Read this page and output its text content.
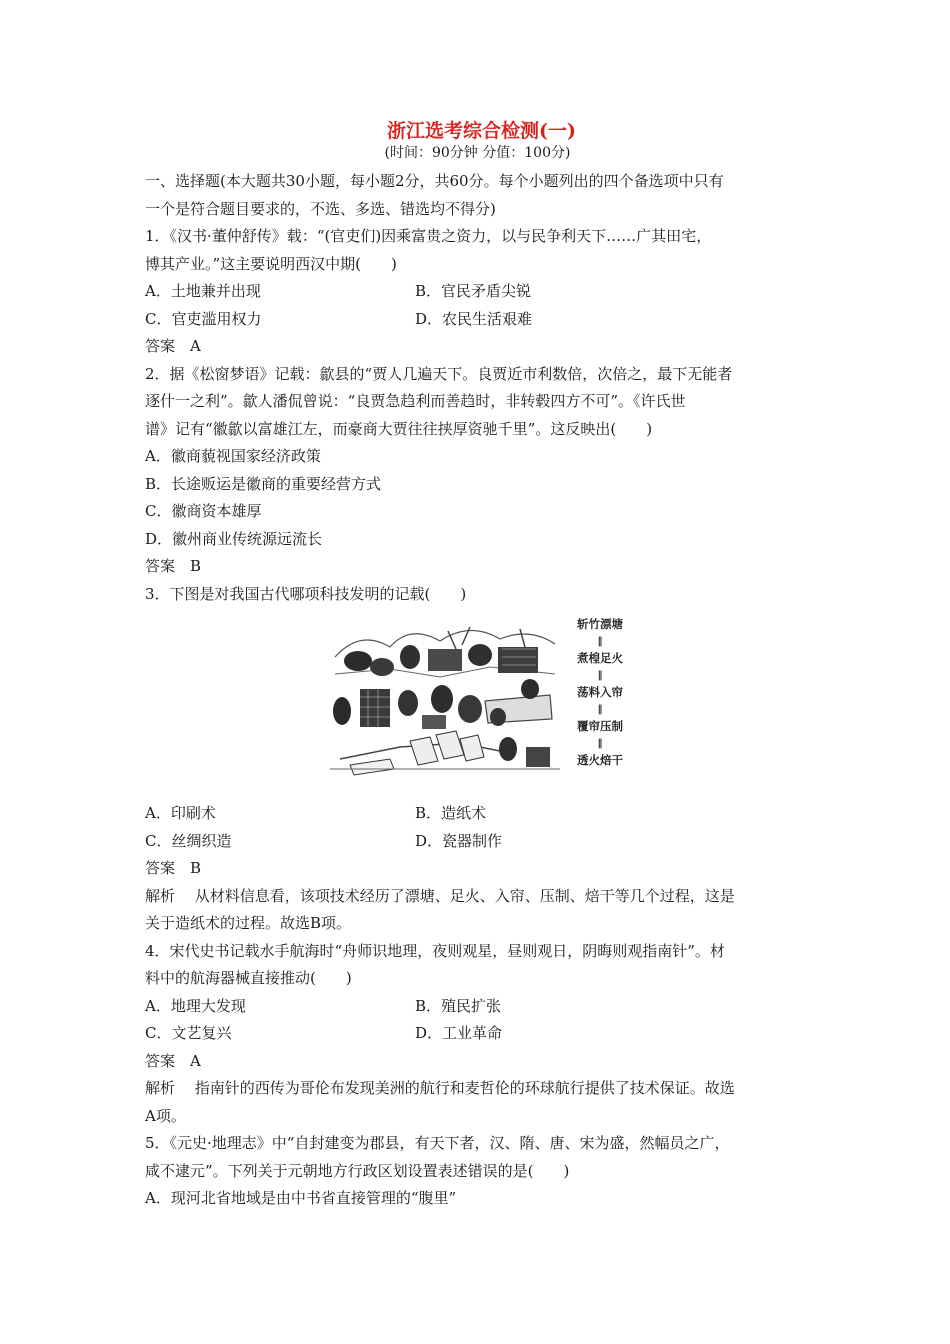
浙江选考综合检测(一)
(时间：90分钟 分值：100分)
一、选择题(本大题共30小题，每小题2分，共60分。每个小题列出的四个备选项中只有
一个是符合题目要求的，不选、多选、错选均不得分)
1．《汉书·董仲舒传》载：“(官吏们)因乘富贵之资力，以与民争利天下……广其田宅，
博其产业。”这主要说明西汉中期(　　)
A．土地兼并出现	B．官民矛盾尖锐
C．官吏滥用权力	D．农民生活艰难
答案　A
2．据《松窗梦语》记载：歙县的“贾人几遍天下。良贾近市利数倍，次倍之，最下无能者
逐什一之利”。歙人潘侃曾说：“良贾急趋利而善趋时，非转毂四方不可”。《许氏世
谱》记有“徽歙以富雄江左，而豪商大贾往往挟厚资驰千里”。这反映出(　　)
A．徽商藐视国家经济政策
B．长途贩运是徽商的重要经营方式
C．徽商资本雄厚
D．徽州商业传统源远流长
答案　B
3．下图是对我国古代哪项科技发明的记载(　　)
斩竹漂塘
‖
煮楻足火
‖
荡料入帘
‖
覆帘压制
‖
透火焙干
A．印刷术	B．造纸术
C．丝绸织造	D．瓷器制作
答案　B
解析　 从材料信息看，该项技术经历了漂塘、足火、入帘、压制、焙干等几个过程，这是
关于造纸术的过程。故选B项。
4．宋代史书记载水手航海时“舟师识地理，夜则观星，昼则观日，阴晦则观指南针”。材
料中的航海器械直接推动(　　)
A．地理大发现	B．殖民扩张
C．文艺复兴	D．工业革命
答案　A
解析　 指南针的西传为哥伦布发现美洲的航行和麦哲伦的环球航行提供了技术保证。故选
A项。
5．《元史·地理志》中“自封建变为郡县，有天下者，汉、隋、唐、宋为盛，然幅员之广，
咸不逮元”。下列关于元朝地方行政区划设置表述错误的是(　　)
A．现河北省地域是由中书省直接管理的“腹里”
